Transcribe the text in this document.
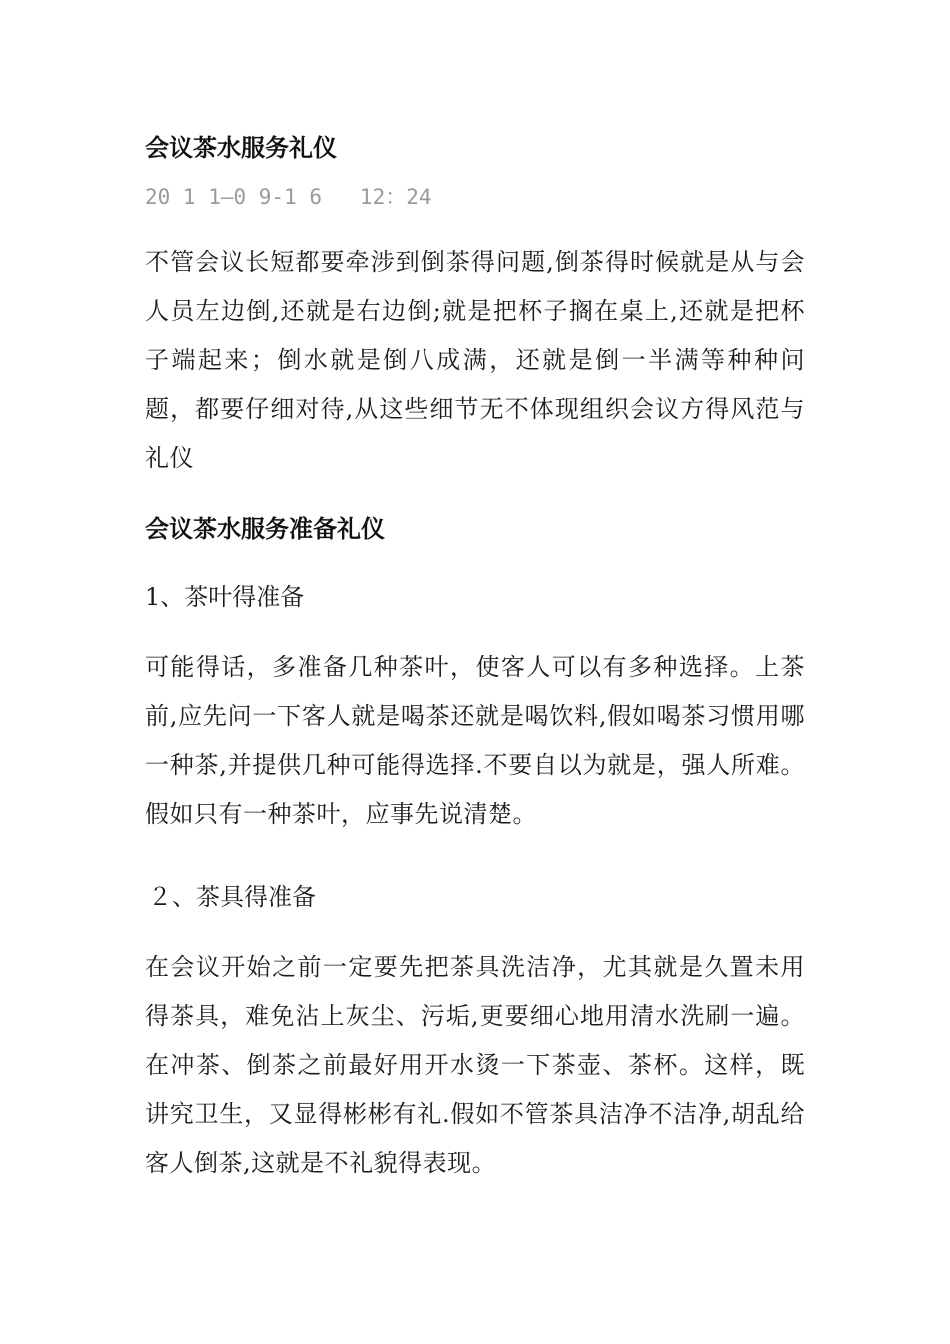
会议茶水服务礼仪
20 1 1—0 9-1 6   12：24

不管会议长短都要牵涉到倒茶得问题,倒茶得时候就是从与会人员左边倒,还就是右边倒;就是把杯子搁在桌上,还就是把杯子端起来；倒水就是倒八成满，还就是倒一半满等种种问题，都要仔细对待,从这些细节无不体现组织会议方得风范与礼仪

会议茶水服务准备礼仪

1、茶叶得准备

可能得话，多准备几种茶叶，使客人可以有多种选择。上茶前,应先问一下客人就是喝茶还就是喝饮料,假如喝茶习惯用哪一种茶,并提供几种可能得选择.不要自以为就是，强人所难。假如只有一种茶叶，应事先说清楚。

２、茶具得准备

在会议开始之前一定要先把茶具洗洁净，尤其就是久置未用得茶具，难免沾上灰尘、污垢,更要细心地用清水洗刷一遍。在冲茶、倒茶之前最好用开水烫一下茶壶、茶杯。这样，既讲究卫生，又显得彬彬有礼.假如不管茶具洁净不洁净,胡乱给客人倒茶,这就是不礼貌得表现。
